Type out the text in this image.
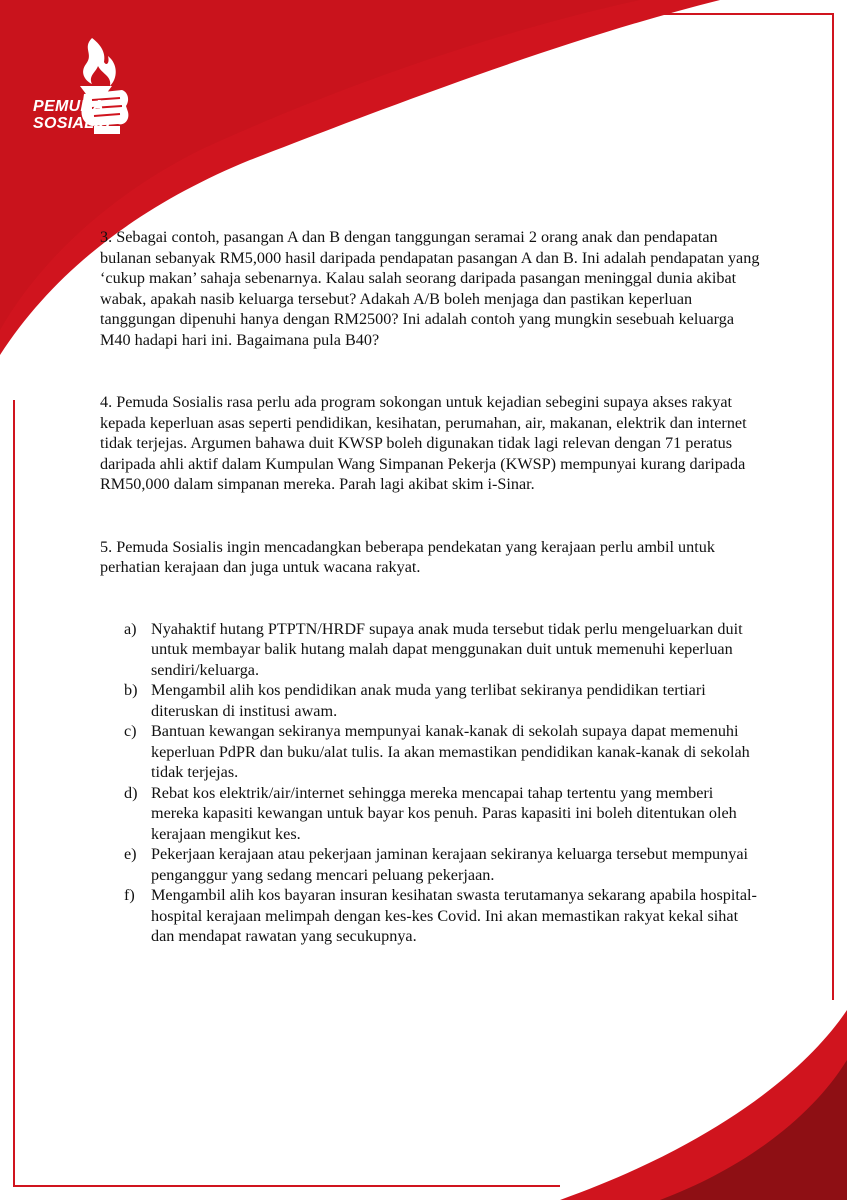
PEMUDA
SOSIALIS

3. Sebagai contoh, pasangan A dan B dengan tanggungan seramai 2 orang anak dan pendapatan bulanan sebanyak RM5,000 hasil daripada pendapatan pasangan A dan B. Ini adalah pendapatan yang ‘cukup makan’ sahaja sebenarnya. Kalau salah seorang daripada pasangan meninggal dunia akibat wabak, apakah nasib keluarga tersebut? Adakah A/B boleh menjaga dan pastikan keperluan tanggungan dipenuhi hanya dengan RM2500? Ini adalah contoh yang mungkin sesebuah keluarga M40 hadapi hari ini. Bagaimana pula B40?

4. Pemuda Sosialis rasa perlu ada program sokongan untuk kejadian sebegini supaya akses rakyat kepada keperluan asas seperti pendidikan, kesihatan, perumahan, air, makanan, elektrik dan internet tidak terjejas. Argumen bahawa duit KWSP boleh digunakan tidak lagi relevan dengan 71 peratus daripada ahli aktif dalam Kumpulan Wang Simpanan Pekerja (KWSP) mempunyai kurang daripada RM50,000 dalam simpanan mereka. Parah lagi akibat skim i-Sinar.

5. Pemuda Sosialis ingin mencadangkan beberapa pendekatan yang kerajaan perlu ambil untuk perhatian kerajaan dan juga untuk wacana rakyat.

a) Nyahaktif hutang PTPTN/HRDF supaya anak muda tersebut tidak perlu mengeluarkan duit untuk membayar balik hutang malah dapat menggunakan duit untuk memenuhi keperluan sendiri/keluarga.
b) Mengambil alih kos pendidikan anak muda yang terlibat sekiranya pendidikan tertiari diteruskan di institusi awam.
c) Bantuan kewangan sekiranya mempunyai kanak-kanak di sekolah supaya dapat memenuhi keperluan PdPR dan buku/alat tulis. Ia akan memastikan pendidikan kanak-kanak di sekolah tidak terjejas.
d) Rebat kos elektrik/air/internet sehingga mereka mencapai tahap tertentu yang memberi mereka kapasiti kewangan untuk bayar kos penuh. Paras kapasiti ini boleh ditentukan oleh kerajaan mengikut kes.
e) Pekerjaan kerajaan atau pekerjaan jaminan kerajaan sekiranya keluarga tersebut mempunyai penganggur yang sedang mencari peluang pekerjaan.
f) Mengambil alih kos bayaran insuran kesihatan swasta terutamanya sekarang apabila hospital-hospital kerajaan melimpah dengan kes-kes Covid. Ini akan memastikan rakyat kekal sihat dan mendapat rawatan yang secukupnya.
